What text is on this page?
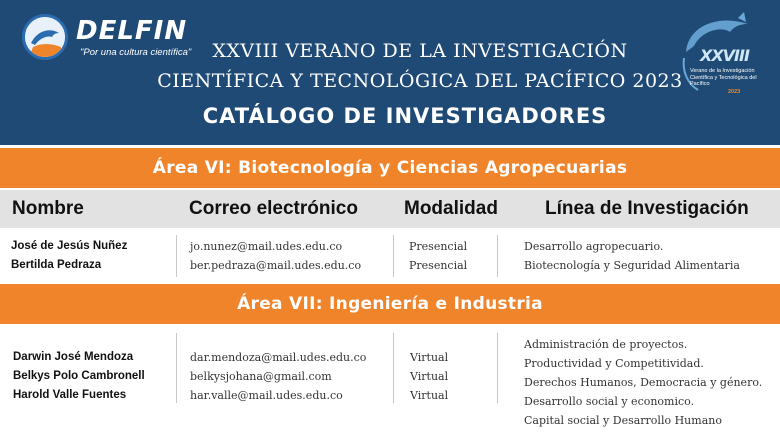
DELFIN
"Por una cultura científica"	XXVIII VERANO DE LA INVESTIGACIÓN
CIENTÍFICA Y TECNOLÓGICA DEL PACÍFICO 2023
CATÁLOGO DE INVESTIGADORES
XXVIII
Verano de la Investigación Científica y Tecnológica del Pacífico
2023
Área VI: Biotecnología y Ciencias Agropecuarias
Nombre	Correo electrónico Modalidad Línea de Investigación
José de Jesús Nuñez
Bertilda Pedraza
jo.nunez@mail.udes.edu.co
ber.pedraza@mail.udes.edu.co
Presencial
Presencial
Desarrollo agropecuario.
Biotecnología y Seguridad Alimentaria
Área VII: Ingeniería e Industria
Darwin José Mendoza
Belkys Polo Cambronell
Harold Valle Fuentes
dar.mendoza@mail.udes.edu.co
belkysjohana@gmail.com
har.valle@mail.udes.edu.co
Virtual
Virtual
Virtual
Administración de proyectos.
Productividad y Competitividad.
Derechos Humanos, Democracia y género.
Desarrollo social y economico.
Capital social y Desarrollo Humano
